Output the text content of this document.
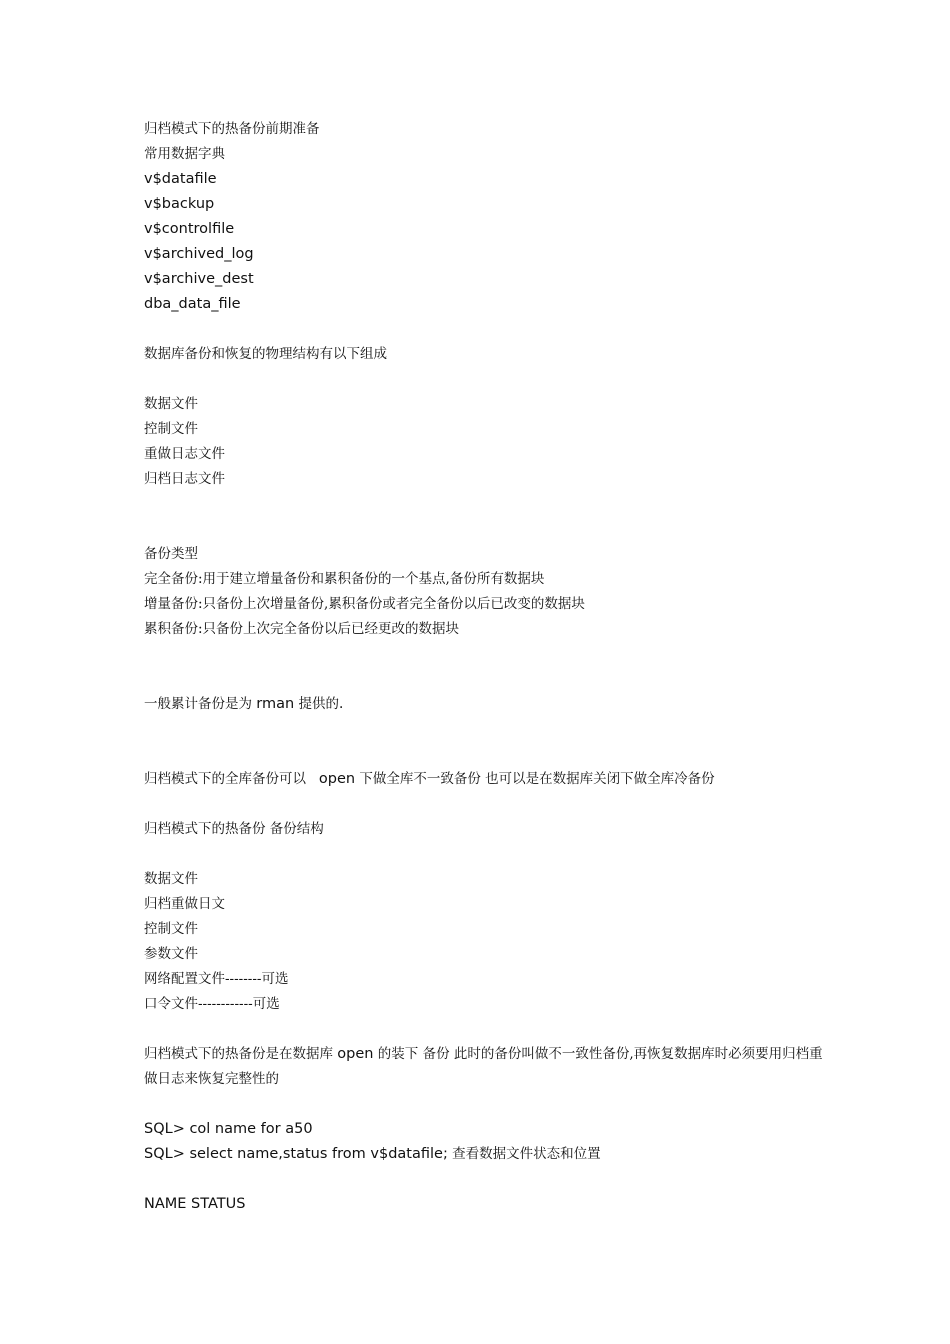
归档模式下的热备份前期准备
常用数据字典
v$datafile
v$backup
v$controlfile
v$archived_log
v$archive_dest
dba_data_file
数据库备份和恢复的物理结构有以下组成
数据文件
控制文件
重做日志文件
归档日志文件
备份类型
完全备份:用于建立增量备份和累积备份的一个基点,备份所有数据块
增量备份:只备份上次增量备份,累积备份或者完全备份以后已改变的数据块
累积备份:只备份上次完全备份以后已经更改的数据块
一般累计备份是为 rman 提供的.
归档模式下的全库备份可以   open 下做全库不一致备份 也可以是在数据库关闭下做全库冷备份
归档模式下的热备份 备份结构
数据文件
归档重做日文
控制文件
参数文件
网络配置文件--------可选
口令文件------------可选
归档模式下的热备份是在数据库 open 的装下 备份 此时的备份叫做不一致性备份,再恢复数据库时必须要用归档重做日志来恢复完整性的
SQL> col name for a50
SQL> select name,status from v$datafile; 查看数据文件状态和位置
NAME STATUS
